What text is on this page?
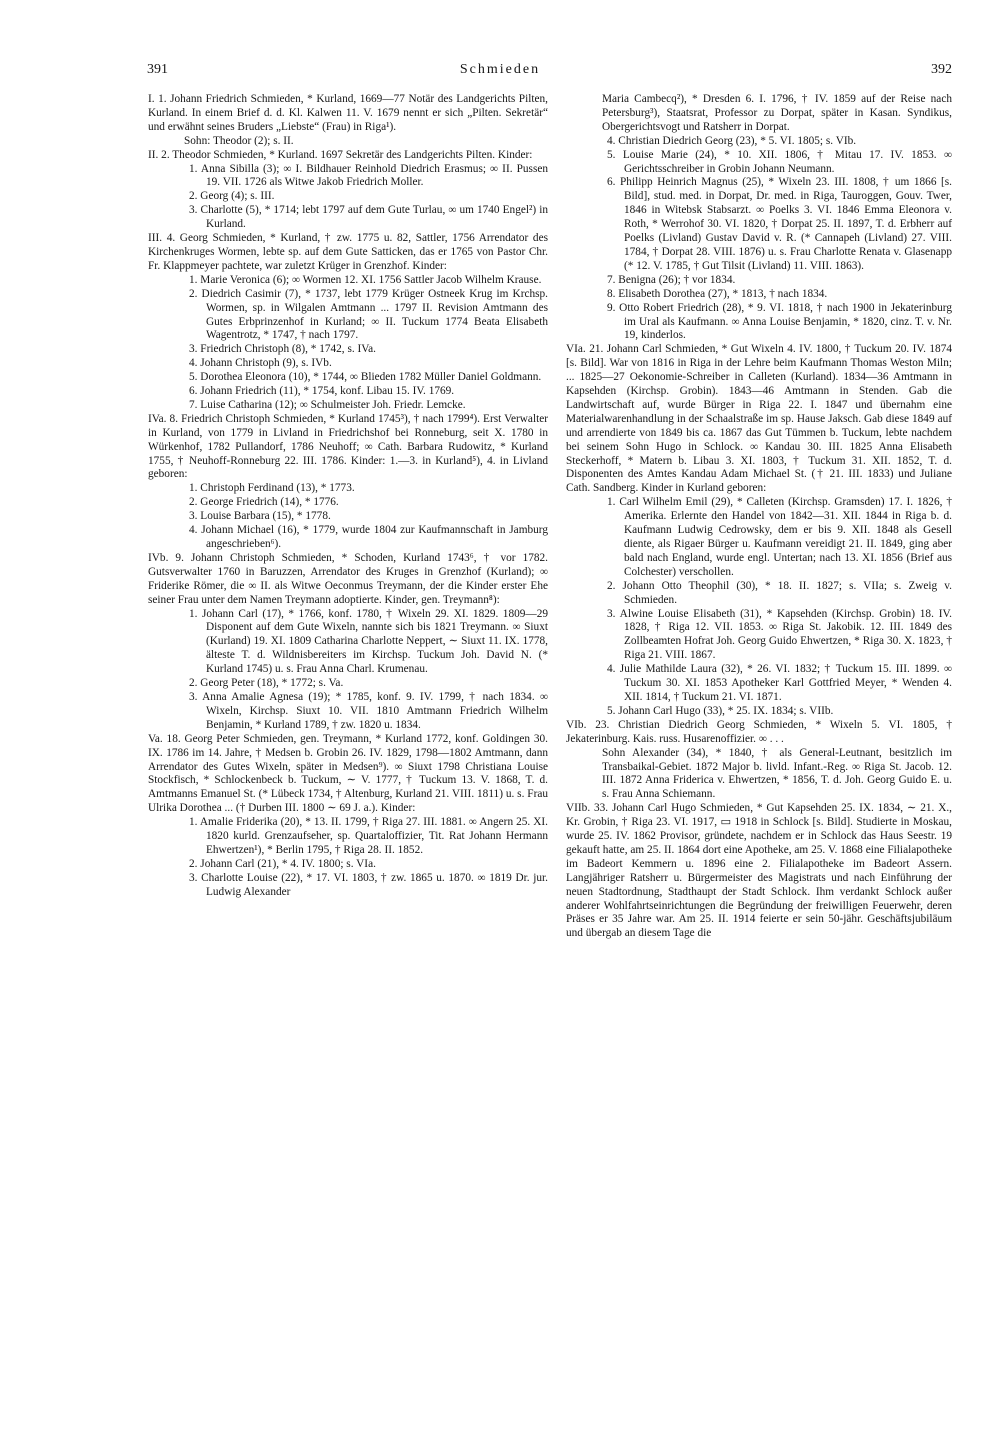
391	Schmieden	392

I. 1. Johann Friedrich Schmieden, * Kurland, 1669—77 Notär des Landgerichts Pilten, Kurland. In einem Brief d. d. Kl. Kalwen 11. V. 1679 nennt er sich „Pilten. Sekretär“ und erwähnt seines Bruders „Liebste“ (Frau) in Riga¹).

Sohn: Theodor (2); s. II.

II. 2. Theodor Schmieden, * Kurland. 1697 Sekretär des Landgerichts Pilten. Kinder:

1. Anna Sibilla (3); ∞ I. Bildhauer Reinhold Diedrich Erasmus; ∞ II. Pussen 19. VII. 1726 als Witwe Jakob Friedrich Moller.

2. Georg (4); s. III.

3. Charlotte (5), * 1714; lebt 1797 auf dem Gute Turlau, ∞ um 1740 Engel²) in Kurland.

III. 4. Georg Schmieden, * Kurland, † zw. 1775 u. 82, Sattler, 1756 Arrendator des Kirchenkruges Wormen, lebte sp. auf dem Gute Satticken, das er 1765 von Pastor Chr. Fr. Klappmeyer pachtete, war zuletzt Krüger in Grenzhof. Kinder:

1. Marie Veronica (6); ∞ Wormen 12. XI. 1756 Sattler Jacob Wilhelm Krause.

2. Diedrich Casimir (7), * 1737, lebt 1779 Krüger Ostneek Krug im Krchsp. Wormen, sp. in Wilgalen Amtmann ... 1797 II. Revision Amtmann des Gutes Erbprinzenhof in Kurland; ∞ II. Tuckum 1774 Beata Elisabeth Wagentrotz, * 1747, † nach 1797.

3. Friedrich Christoph (8), * 1742, s. IVa.

4. Johann Christoph (9), s. IVb.

5. Dorothea Eleonora (10), * 1744, ∞ Blieden 1782 Müller Daniel Goldmann.

6. Johann Friedrich (11), * 1754, konf. Libau 15. IV. 1769.

7. Luise Catharina (12); ∞ Schulmeister Joh. Friedr. Lemcke.

IVa. 8. Friedrich Christoph Schmieden, * Kurland 1745³), † nach 1799⁴). Erst Verwalter in Kurland, von 1779 in Livland in Friedrichshof bei Ronneburg, seit X. 1780 in Würkenhof, 1782 Pullandorf, 1786 Neuhoff; ∞ Cath. Barbara Rudowitz, * Kurland 1755, † Neuhoff-Ronneburg 22. III. 1786. Kinder: 1.—3. in Kurland⁵), 4. in Livland geboren:

1. Christoph Ferdinand (13), * 1773.

2. George Friedrich (14), * 1776.

3. Louise Barbara (15), * 1778.

4. Johann Michael (16), * 1779, wurde 1804 zur Kaufmannschaft in Jamburg angeschrieben⁶).

IVb. 9. Johann Christoph Schmieden, * Schoden, Kurland 1743⁶, † vor 1782. Gutsverwalter 1760 in Baruzzen, Arrendator des Kruges in Grenzhof (Kurland); ∞ Friderike Römer, die ∞ II. als Witwe Oeconmus Treymann, der die Kinder erster Ehe seiner Frau unter dem Namen Treymann adoptierte. Kinder, gen. Treymann⁸):

1. Johann Carl (17), * 1766, konf. 1780, † Wixeln 29. XI. 1829. 1809—29 Disponent auf dem Gute Wixeln, nannte sich bis 1821 Treymann. ∞ Siuxt (Kurland) 19. XI. 1809 Catharina Charlotte Neppert, ∼ Siuxt 11. IX. 1778, älteste T. d. Wildnisbereiters im Kirchsp. Tuckum Joh. David N. (* Kurland 1745) u. s. Frau Anna Charl. Krumenau.

2. Georg Peter (18), * 1772; s. Va.

3. Anna Amalie Agnesa (19); * 1785, konf. 9. IV. 1799, † nach 1834. ∞ Wixeln, Kirchsp. Siuxt 10. VII. 1810 Amtmann Friedrich Wilhelm Benjamin, * Kurland 1789, † zw. 1820 u. 1834.

Va. 18. Georg Peter Schmieden, gen. Treymann, * Kurland 1772, konf. Goldingen 30. IX. 1786 im 14. Jahre, † Medsen b. Grobin 26. IV. 1829, 1798—1802 Amtmann, dann Arrendator des Gutes Wixeln, später in Medsen⁹). ∞ Siuxt 1798 Christiana Louise Stockfisch, * Schlockenbeck b. Tuckum, ∼ V. 1777, † Tuckum 13. V. 1868, T. d. Amtmanns Emanuel St. (* Lübeck 1734, † Altenburg, Kurland 21. VIII. 1811) u. s. Frau Ulrika Dorothea ... († Durben III. 1800 ∼ 69 J. a.). Kinder:

1. Amalie Friderika (20), * 13. II. 1799, † Riga 27. III. 1881. ∞ Angern 25. XI. 1820 kurld. Grenzaufseher, sp. Quartaloffizier, Tit. Rat Johann Hermann Ehwertzen¹), * Berlin 1795, † Riga 28. II. 1852.

2. Johann Carl (21), * 4. IV. 1800; s. VIa.

3. Charlotte Louise (22), * 17. VI. 1803, † zw. 1865 u. 1870. ∞ 1819 Dr. jur. Ludwig Alexander

Maria Cambecq²), * Dresden 6. I. 1796, † IV. 1859 auf der Reise nach Petersburg³), Staatsrat, Professor zu Dorpat, später in Kasan. Syndikus, Obergerichtsvogt und Ratsherr in Dorpat.

4. Christian Diedrich Georg (23), * 5. VI. 1805; s. VIb.

5. Louise Marie (24), * 10. XII. 1806, † Mitau 17. IV. 1853. ∞ Gerichtsschreiber in Grobin Johann Neumann.

6. Philipp Heinrich Magnus (25), * Wixeln 23. III. 1808, † um 1866 [s. Bild], stud. med. in Dorpat, Dr. med. in Riga, Tauroggen, Gouv. Twer, 1846 in Witebsk Stabsarzt. ∞ Poelks 3. VI. 1846 Emma Eleonora v. Roth, * Werrohof 30. VI. 1820, † Dorpat 25. II. 1897, T. d. Erbherr auf Poelks (Livland) Gustav David v. R. (* Cannapeh (Livland) 27. VIII. 1784, † Dorpat 28. VIII. 1876) u. s. Frau Charlotte Renata v. Glasenapp (* 12. V. 1785, † Gut Tilsit (Livland) 11. VIII. 1863).

7. Benigna (26); † vor 1834.

8. Elisabeth Dorothea (27), * 1813, † nach 1834.

9. Otto Robert Friedrich (28), * 9. VI. 1818, † nach 1900 in Jekaterinburg im Ural als Kaufmann. ∞ Anna Louise Benjamin, * 1820, cinz. T. v. Nr. 19, kinderlos.

VIa. 21. Johann Carl Schmieden, * Gut Wixeln 4. IV. 1800, † Tuckum 20. IV. 1874 [s. Bild]. War von 1816 in Riga in der Lehre beim Kaufmann Thomas Weston Miln; ... 1825—27 Oekonomie-Schreiber in Calleten (Kurland). 1834—36 Amtmann in Kapsehden (Kirchsp. Grobin). 1843—46 Amtmann in Stenden. Gab die Landwirtschaft auf, wurde Bürger in Riga 22. I. 1847 und übernahm eine Materialwarenhandlung in der Schaalstraße im sp. Hause Jaksch. Gab diese 1849 auf und arrendierte von 1849 bis ca. 1867 das Gut Tümmen b. Tuckum, lebte nachdem bei seinem Sohn Hugo in Schlock. ∞ Kandau 30. III. 1825 Anna Elisabeth Steckerhoff, * Matern b. Libau 3. XI. 1803, † Tuckum 31. XII. 1852, T. d. Disponenten des Amtes Kandau Adam Michael St. († 21. III. 1833) und Juliane Cath. Sandberg. Kinder in Kurland geboren:

1. Carl Wilhelm Emil (29), * Calleten (Kirchsp. Gramsden) 17. I. 1826, † Amerika. Erlernte den Handel von 1842—31. XII. 1844 in Riga b. d. Kaufmann Ludwig Cedrowsky, dem er bis 9. XII. 1848 als Gesell diente, als Rigaer Bürger u. Kaufmann vereidigt 21. II. 1849, ging aber bald nach England, wurde engl. Untertan; nach 13. XI. 1856 (Brief aus Colchester) verschollen.

2. Johann Otto Theophil (30), * 18. II. 1827; s. VIIa; s. Zweig v. Schmieden.

3. Alwine Louise Elisabeth (31), * Kapsehden (Kirchsp. Grobin) 18. IV. 1828, † Riga 12. VII. 1853. ∞ Riga St. Jakobik. 12. III. 1849 des Zollbeamten Hofrat Joh. Georg Guido Ehwertzen, * Riga 30. X. 1823, † Riga 21. VIII. 1867.

4. Julie Mathilde Laura (32), * 26. VI. 1832; † Tuckum 15. III. 1899. ∞ Tuckum 30. XI. 1853 Apotheker Karl Gottfried Meyer, * Wenden 4. XII. 1814, † Tuckum 21. VI. 1871.

5. Johann Carl Hugo (33), * 25. IX. 1834; s. VIIb.

VIb. 23. Christian Diedrich Georg Schmieden, * Wixeln 5. VI. 1805, † Jekaterinburg. Kais. russ. Husarenoffizier. ∞ . . .

Sohn Alexander (34), * 1840, † als General-Leutnant, besitzlich im Transbaikal-Gebiet. 1872 Major b. livld. Infant.-Reg. ∞ Riga St. Jacob. 12. III. 1872 Anna Friderica v. Ehwertzen, * 1856, T. d. Joh. Georg Guido E. u. s. Frau Anna Schiemann.

VIIb. 33. Johann Carl Hugo Schmieden, * Gut Kapsehden 25. IX. 1834, ∼ 21. X., Kr. Grobin, † Riga 23. VI. 1917, ▭ 1918 in Schlock [s. Bild]. Studierte in Moskau, wurde 25. IV. 1862 Provisor, gründete, nachdem er in Schlock das Haus Seestr. 19 gekauft hatte, am 25. II. 1864 dort eine Apotheke, am 25. V. 1868 eine Filialapotheke im Badeort Kemmern u. 1896 eine 2. Filialapotheke im Badeort Assern. Langjähriger Ratsherr u. Bürgermeister des Magistrats und nach Einführung der neuen Stadtordnung, Stadthaupt der Stadt Schlock. Ihm verdankt Schlock außer anderer Wohlfahrtseinrichtungen die Begründung der freiwilligen Feuerwehr, deren Präses er 35 Jahre war. Am 25. II. 1914 feierte er sein 50-jähr. Geschäftsjubiläum und übergab an diesem Tage die
